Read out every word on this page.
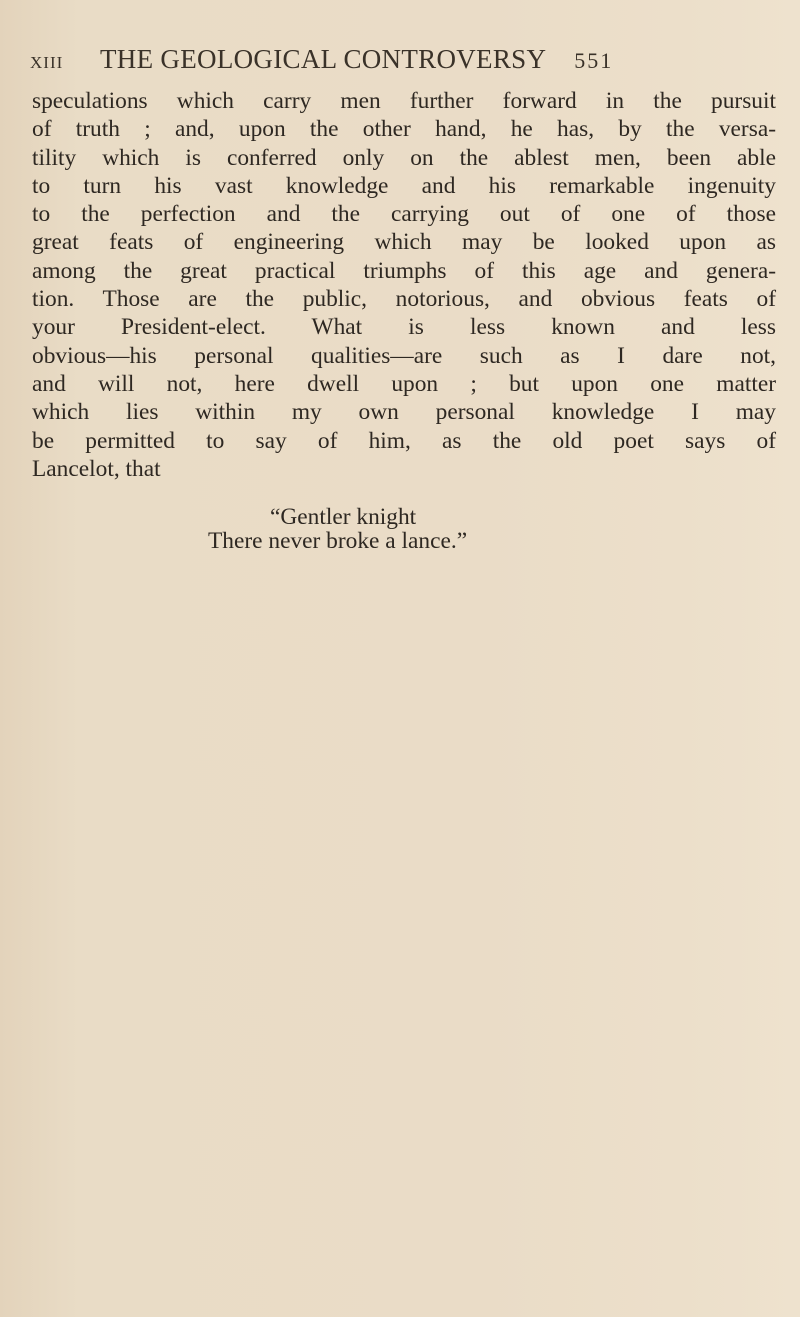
XIII	THE GEOLOGICAL CONTROVERSY 551
speculations which carry men further forward in the pursuit
of truth ; and, upon the other hand, he has, by the versa-
tility which is conferred only on the ablest men, been able
to turn his vast knowledge and his remarkable ingenuity
to the perfection and the carrying out of one of those
great feats of engineering which may be looked upon as
among the great practical triumphs of this age and genera-
tion. Those are the public, notorious, and obvious feats of
your President-elect. What is less known and less
obvious—his personal qualities—are such as I dare not,
and will not, here dwell upon ; but upon one matter
which lies within my own personal knowledge I may
be permitted to say of him, as the old poet says of
Lancelot, that
“Gentler knight
There never broke a lance.”
